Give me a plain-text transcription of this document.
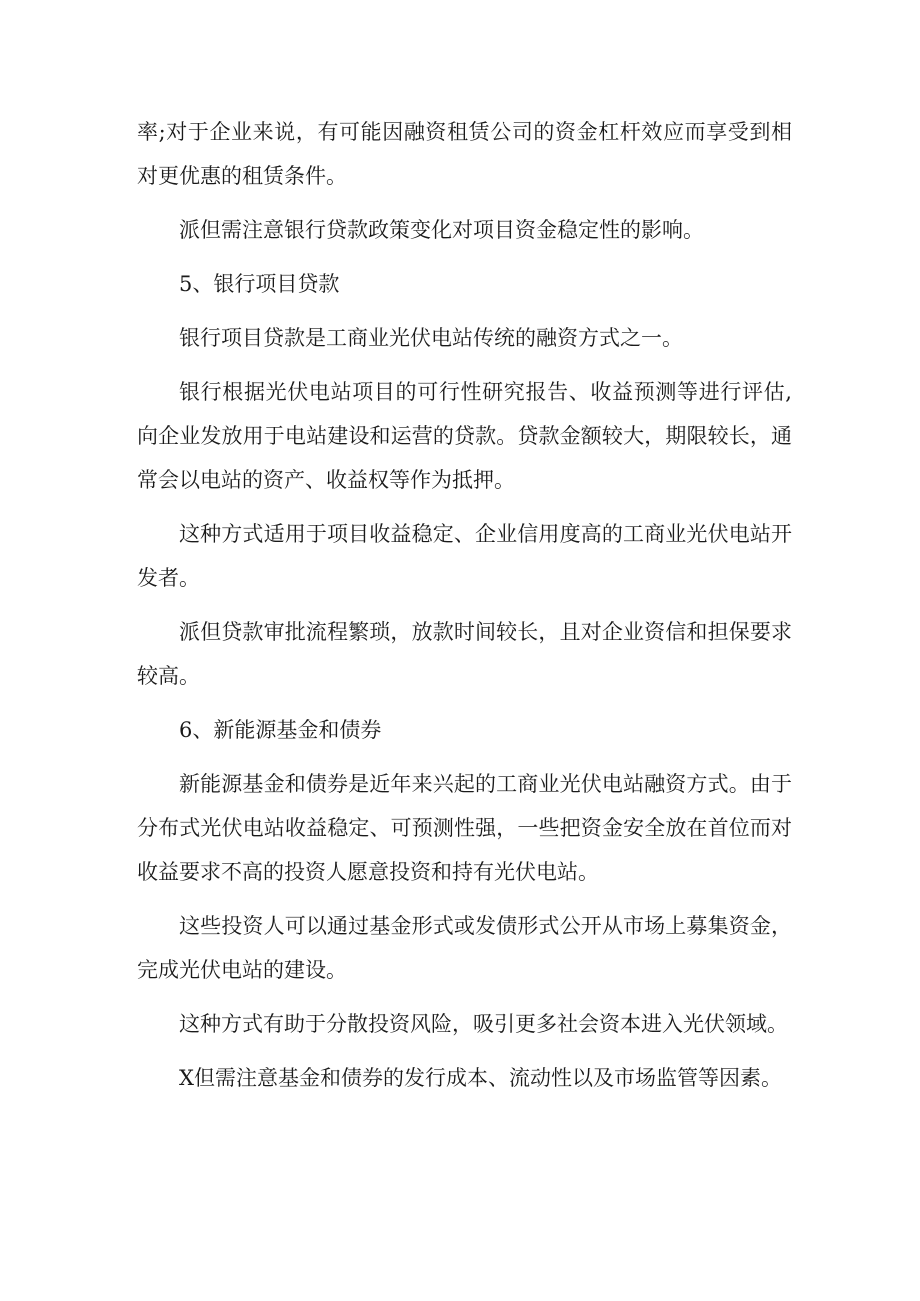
率;对于企业来说，有可能因融资租赁公司的资金杠杆效应而享受到相对更优惠的租赁条件。

派但需注意银行贷款政策变化对项目资金稳定性的影响。

5、银行项目贷款

银行项目贷款是工商业光伏电站传统的融资方式之一。

银行根据光伏电站项目的可行性研究报告、收益预测等进行评估,向企业发放用于电站建设和运营的贷款。贷款金额较大，期限较长，通常会以电站的资产、收益权等作为抵押。

这种方式适用于项目收益稳定、企业信用度高的工商业光伏电站开发者。

派但贷款审批流程繁琐，放款时间较长，且对企业资信和担保要求较高。

6、新能源基金和债券

新能源基金和债券是近年来兴起的工商业光伏电站融资方式。由于分布式光伏电站收益稳定、可预测性强，一些把资金安全放在首位而对收益要求不高的投资人愿意投资和持有光伏电站。

这些投资人可以通过基金形式或发债形式公开从市场上募集资金，完成光伏电站的建设。

这种方式有助于分散投资风险，吸引更多社会资本进入光伏领域。

X但需注意基金和债券的发行成本、流动性以及市场监管等因素。
